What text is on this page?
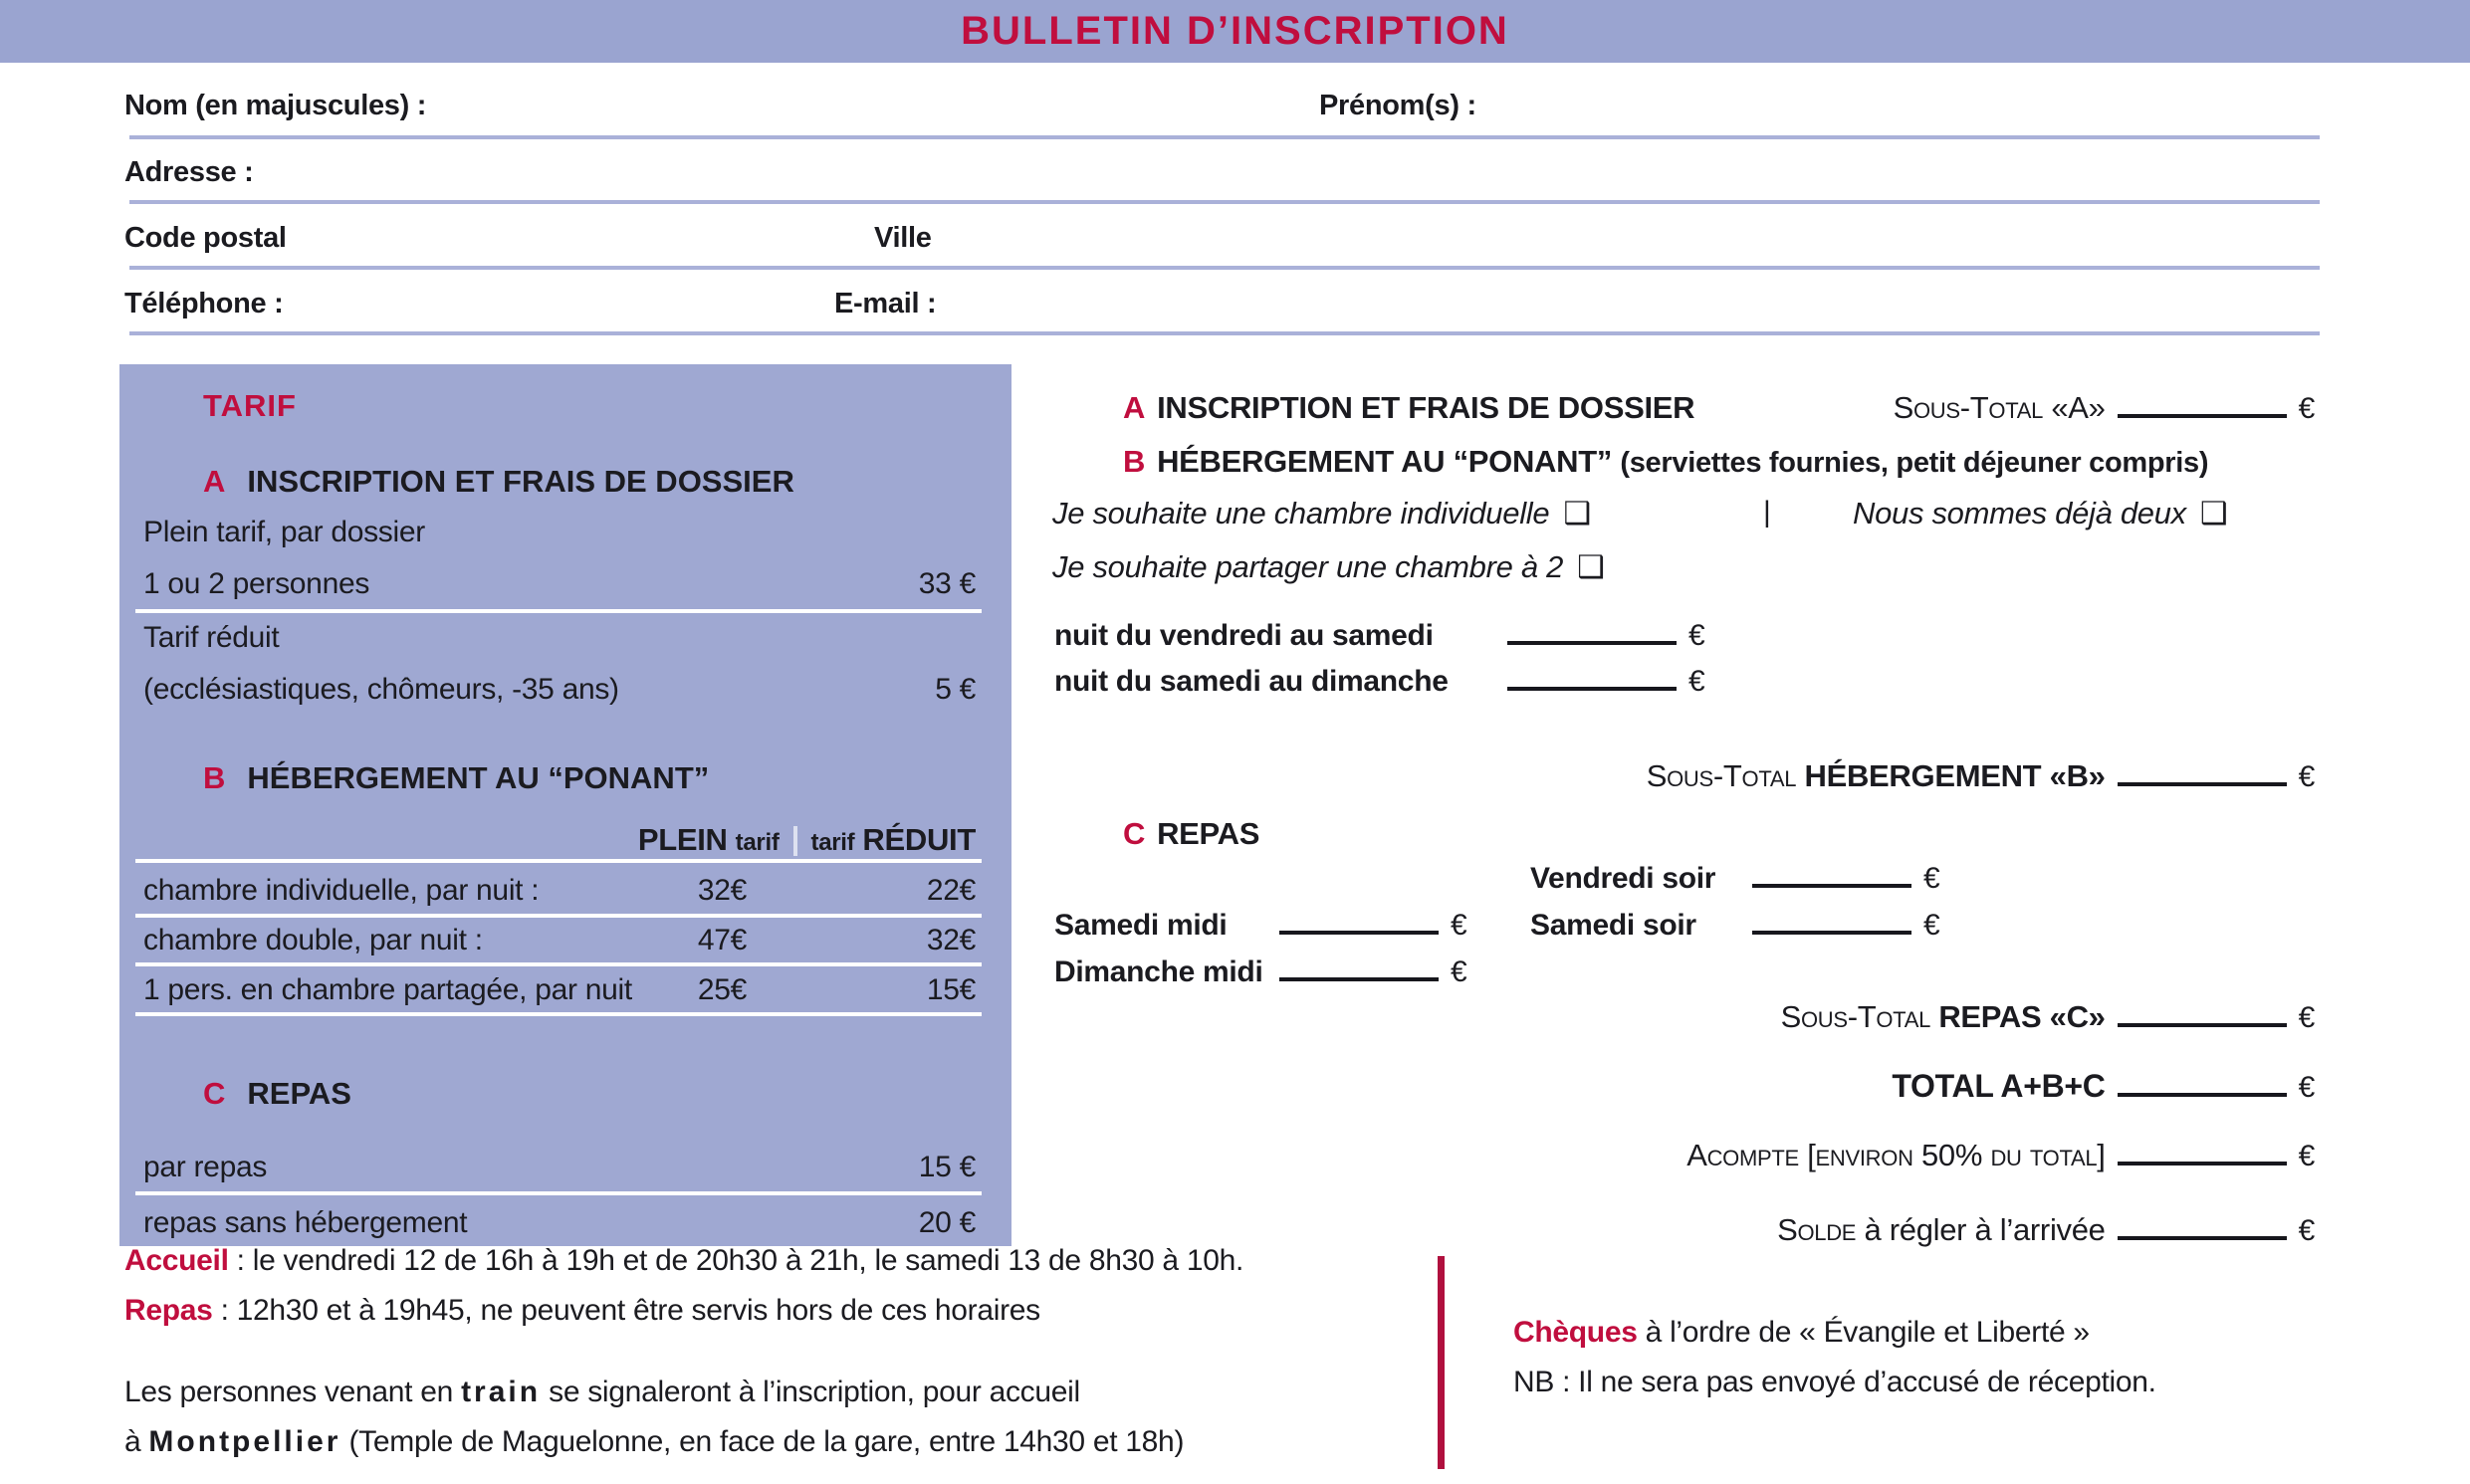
BULLETIN D’INSCRIPTION
Nom (en majuscules) :	Prénom(s) :
Adresse :
Code postal	Ville
Téléphone :	E-mail :
TARIF
A INSCRIPTION ET FRAIS DE DOSSIER
Plein tarif, par dossier
1 ou 2 personnes	33 €
Tarif réduit
(ecclésiastiques, chômeurs, -35 ans)	5 €
B HÉBERGEMENT AU “PONANT”
PLEIN tarif tarif RÉDUIT
chambre individuelle, par nuit :	32€	22€
chambre double, par nuit :	47€	32€
1 pers. en chambre partagée, par nuit 25€	15€
C REPAS
par repas	15 €
repas sans hébergement	20 €
A INSCRIPTION ET FRAIS DE DOSSIER	Sous-Total «A»	€
B HÉBERGEMENT AU “PONANT” (serviettes fournies, petit déjeuner compris)
Je souhaite une chambre individuelle ❑	|	Nous sommes déjà deux ❑
Je souhaite partager une chambre à 2 ❑
nuit du vendredi au samedi	€
nuit du samedi au dimanche	€
Sous-Total HÉBERGEMENT «B»	€
C REPAS
Vendredi soir	€
Samedi midi	€ Samedi soir	€
Dimanche midi	€
Sous-Total REPAS «C»	€
TOTAL A+B+C	€
Acompte [environ 50% du total]	€
Solde à régler à l’arrivée	€
Accueil : le vendredi 12 de 16h à 19h et de 20h30 à 21h, le samedi 13 de 8h30 à 10h.
Repas : 12h30 et à 19h45, ne peuvent être servis hors de ces horaires
Les personnes venant en train se signaleront à l’inscription, pour accueil
à Montpellier (Temple de Maguelonne, en face de la gare, entre 14h30 et 18h)
Chèques à l’ordre de « Évangile et Liberté »
NB : Il ne sera pas envoyé d’accusé de réception.
